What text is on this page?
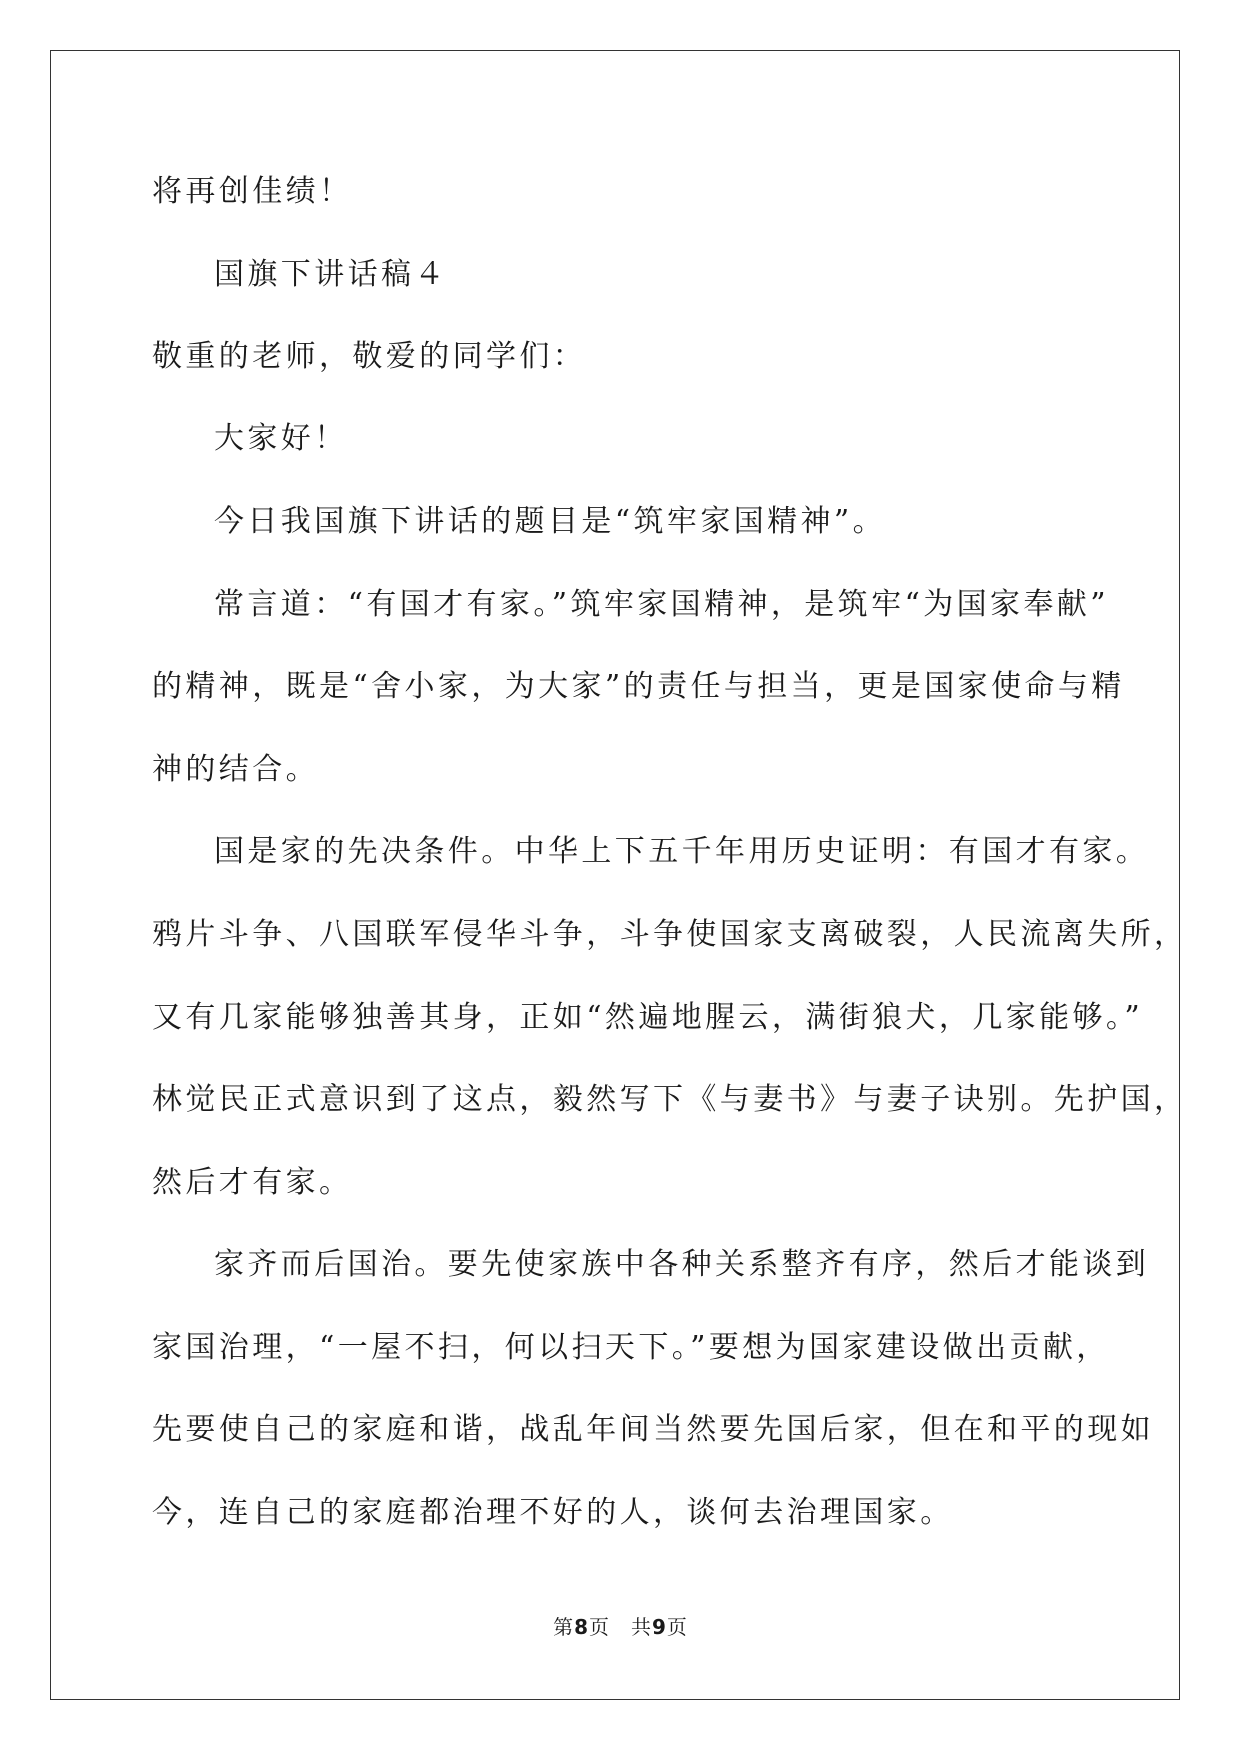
将再创佳绩！
国旗下讲话稿４
敬重的老师，敬爱的同学们：
大家好！
今日我国旗下讲话的题目是“筑牢家国精神”。
常言道：“有国才有家。”筑牢家国精神，是筑牢“为国家奉献”
的精神，既是“舍小家，为大家”的责任与担当，更是国家使命与精
神的结合。
国是家的先决条件。中华上下五千年用历史证明：有国才有家。
鸦片斗争、八国联军侵华斗争，斗争使国家支离破裂，人民流离失所，
又有几家能够独善其身，正如“然遍地腥云，满街狼犬，几家能够。”
林觉民正式意识到了这点，毅然写下《与妻书》与妻子诀别。先护国，
然后才有家。
家齐而后国治。要先使家族中各种关系整齐有序，然后才能谈到
家国治理，“一屋不扫，何以扫天下。”要想为国家建设做出贡献，
先要使自己的家庭和谐，战乱年间当然要先国后家，但在和平的现如
今，连自己的家庭都治理不好的人，谈何去治理国家。
第8页　共9页
